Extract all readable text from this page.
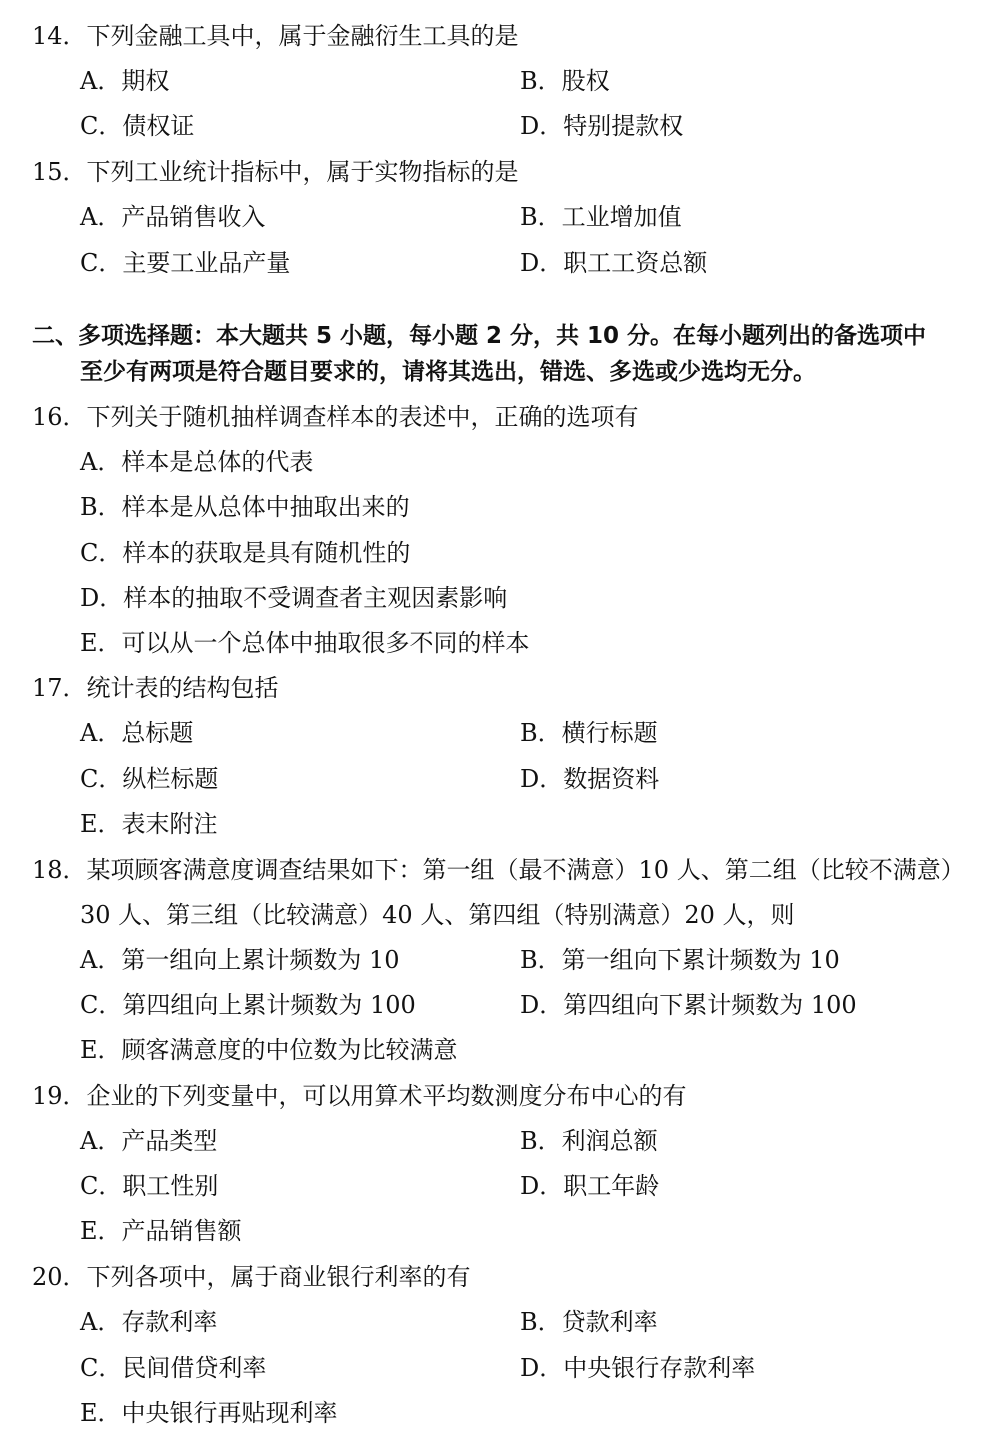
14．下列金融工具中，属于金融衍生工具的是
A．期权	B．股权
C．债权证	D．特别提款权
15．下列工业统计指标中，属于实物指标的是
A．产品销售收入	B．工业增加值
C．主要工业品产量	D．职工工资总额
二、多项选择题：本大题共 5 小题，每小题 2 分，共 10 分。在每小题列出的备选项中
至少有两项是符合题目要求的，请将其选出，错选、多选或少选均无分。
16．下列关于随机抽样调查样本的表述中，正确的选项有
A．样本是总体的代表
B．样本是从总体中抽取出来的
C．样本的获取是具有随机性的
D．样本的抽取不受调查者主观因素影响
E．可以从一个总体中抽取很多不同的样本
17．统计表的结构包括
A．总标题	B．横行标题
C．纵栏标题	D．数据资料
E．表末附注
18．某项顾客满意度调查结果如下：第一组（最不满意）10 人、第二组（比较不满意）
30 人、第三组（比较满意）40 人、第四组（特别满意）20 人，则
A．第一组向上累计频数为 10	B．第一组向下累计频数为 10
C．第四组向上累计频数为 100	D．第四组向下累计频数为 100
E．顾客满意度的中位数为比较满意
19．企业的下列变量中，可以用算术平均数测度分布中心的有
A．产品类型	B．利润总额
C．职工性别	D．职工年龄
E．产品销售额
20．下列各项中，属于商业银行利率的有
A．存款利率	B．贷款利率
C．民间借贷利率	D．中央银行存款利率
E．中央银行再贴现利率
